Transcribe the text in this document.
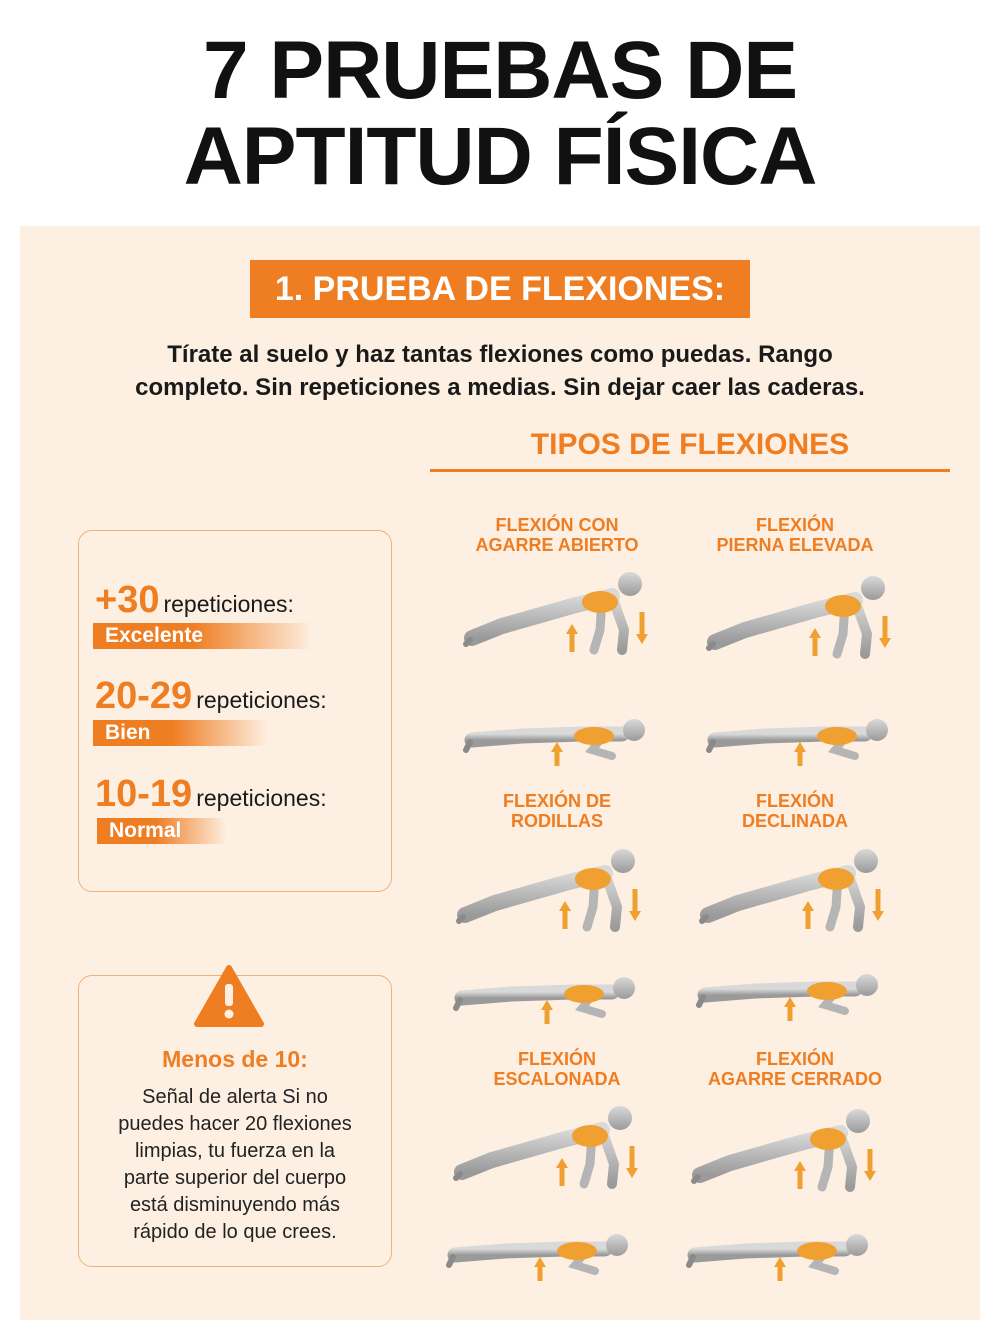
7 PRUEBAS DE
APTITUD FÍSICA
1. PRUEBA DE FLEXIONES:

Tírate al suelo y haz tantas flexiones como puedas. Rango
completo. Sin repeticiones a medias. Sin dejar caer las caderas.

TIPOS DE FLEXIONES
+30 repeticiones:
Excelente
20-29 repeticiones:
Bien
10-19 repeticiones:
Normal
Menos de 10:
Señal de alerta Si no
puedes hacer 20 flexiones
limpias, tu fuerza en la
parte superior del cuerpo
está disminuyendo más
rápido de lo que crees.
FLEXIÓN CON
AGARRE ABIERTO
FLEXIÓN
PIERNA ELEVADA
FLEXIÓN DE
RODILLAS
FLEXIÓN
DECLINADA
FLEXIÓN
ESCALONADA
FLEXIÓN
AGARRE CERRADO
